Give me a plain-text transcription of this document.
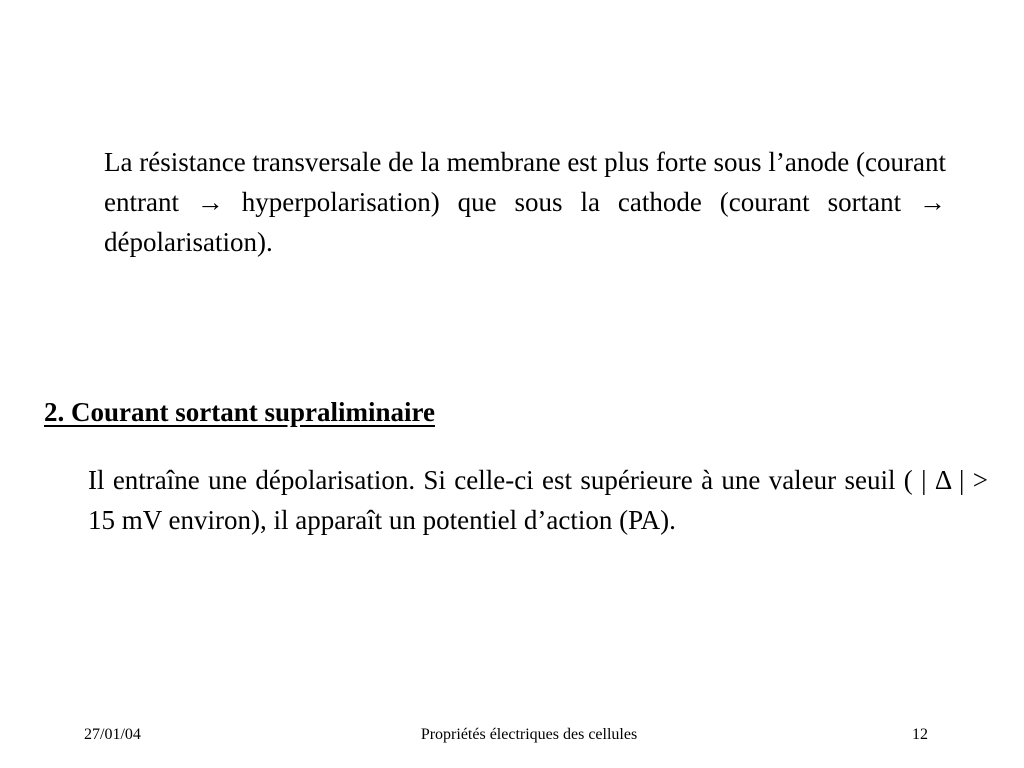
La résistance transversale de la membrane est plus forte sous l’anode (courant entrant → hyperpolarisation) que sous la cathode (courant sortant → dépolarisation).

2. Courant sortant supraliminaire

Il entraîne une dépolarisation. Si celle-ci est supérieure à une valeur seuil ( | Δ | > 15 mV environ), il apparaît un potentiel d’action (PA).

27/01/04	Propriétés électriques des cellules	12
